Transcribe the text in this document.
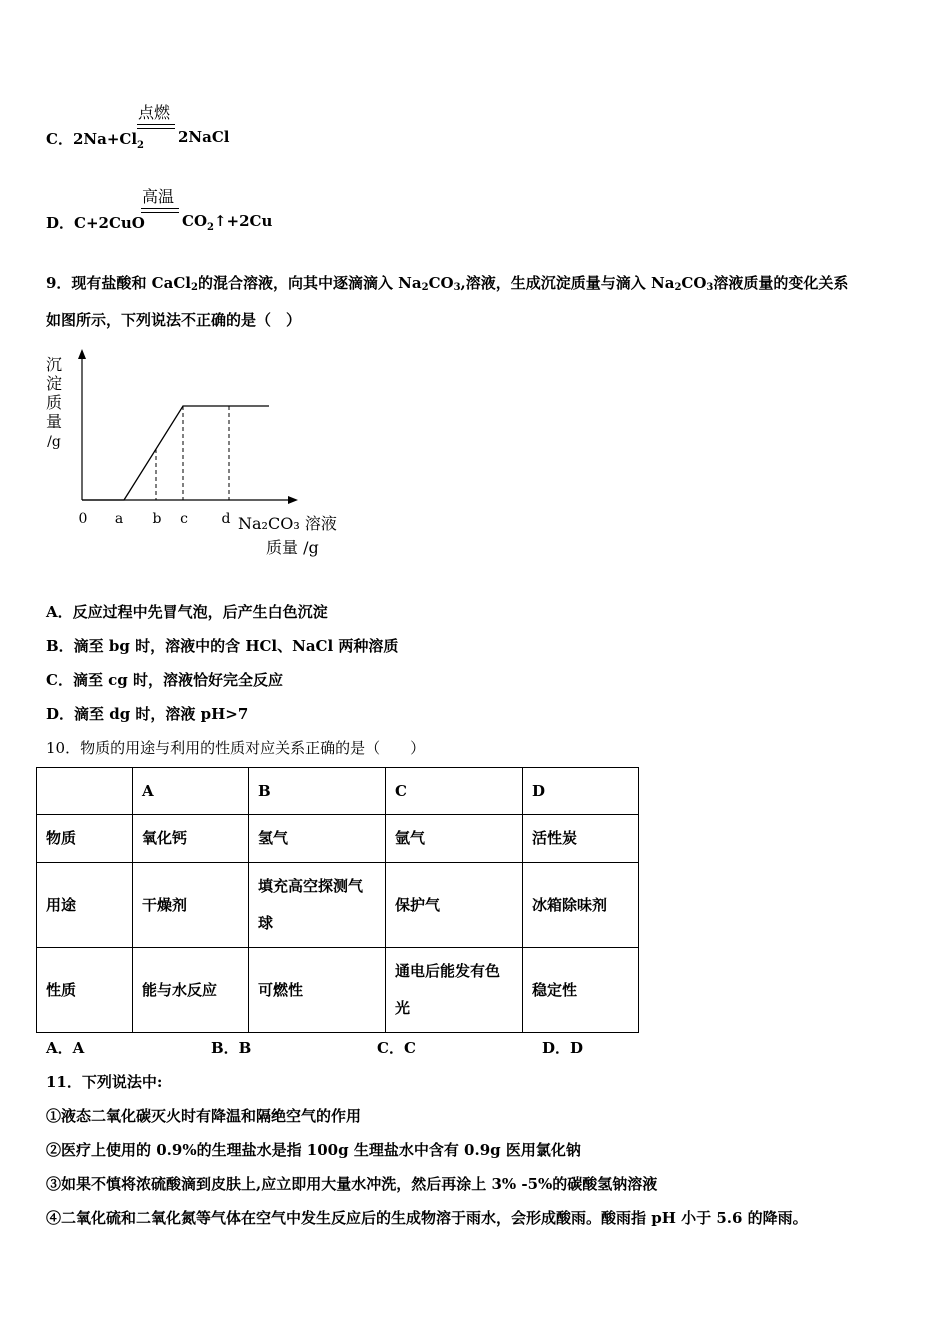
C．$2Na+Cl_2$
点燃
2NaCl
D．C+2CuO
高温
$CO_2↑+2Cu$
9．现有盐酸和 CaCl$_2$的混合溶液，向其中逐滴滴入 $Na_2CO_3$,溶液，生成沉淀质量与滴入 $Na_2CO_3$溶液质量的变化关系
如图所示，下列说法不正确的是（　）
沉
淀
质
量
/g
0 a b c d Na₂CO₃ 溶液
质量 /g
A．反应过程中先冒气泡，后产生白色沉淀
B．滴至 bg 时，溶液中的含 HCl、NaCl 两种溶质
C．滴至 cg 时，溶液恰好完全反应
D．滴至 dg 时，溶液 pH>7
10．物质的用途与利用的性质对应关系正确的是（　　）
	A	B	C	D
物质	氧化钙	氢气	氩气	活性炭
用途	干燥剂	填充高空探测气球	保护气	冰箱除味剂
性质	能与水反应	可燃性	通电后能发有色光	稳定性
A．A	B．B	C．C	D．D
11．下列说法中:
①液态二氧化碳灭火时有降温和隔绝空气的作用
②医疗上使用的 0.9%的生理盐水是指 100g 生理盐水中含有 0.9g 医用氯化钠
③如果不慎将浓硫酸滴到皮肤上,应立即用大量水冲洗，然后再涂上 3% -5%的碳酸氢钠溶液
④二氧化硫和二氧化氮等气体在空气中发生反应后的生成物溶于雨水，会形成酸雨。酸雨指 pH 小于 5.6 的降雨。
